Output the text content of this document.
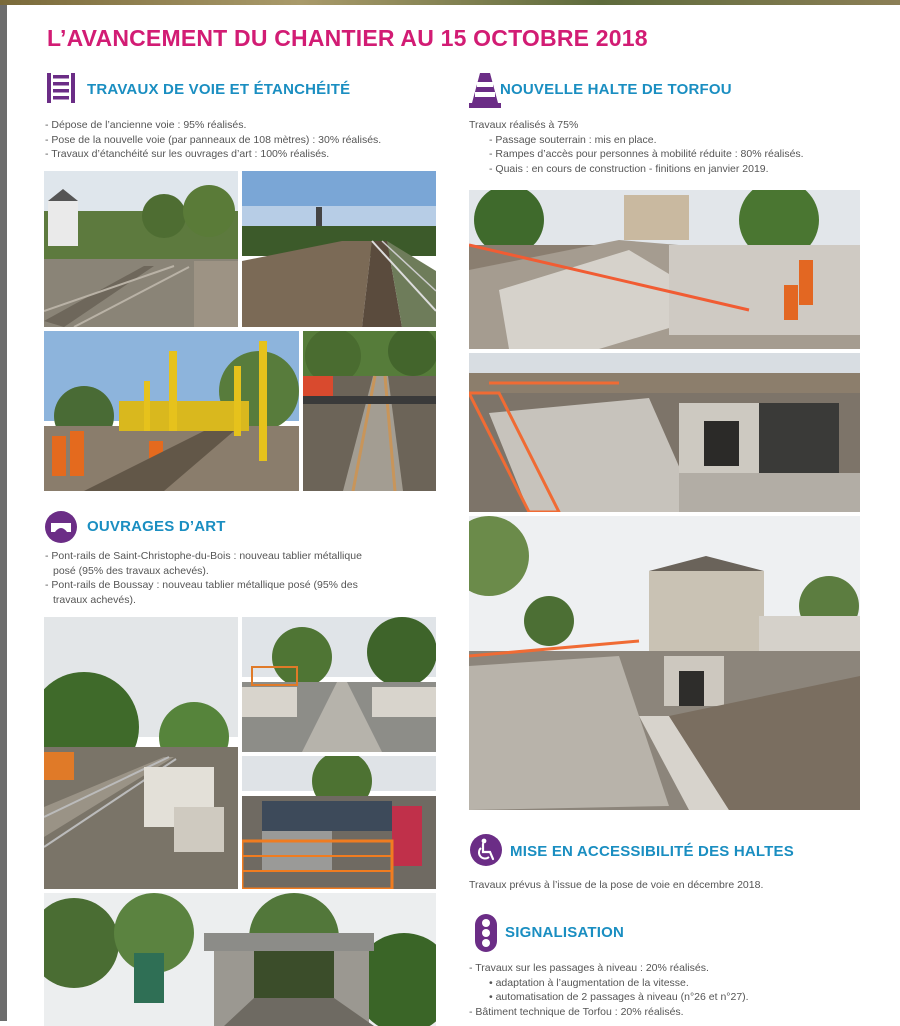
L’AVANCEMENT DU CHANTIER AU 15 OCTOBRE 2018
TRAVAUX DE VOIE ET ÉTANCHÉITÉ
- Dépose de l’ancienne voie : 95% réalisés.
- Pose de la nouvelle voie (par panneaux de 108 mètres) : 30% réalisés.
- Travaux d’étanchéité sur les ouvrages d’art : 100% réalisés.
OUVRAGES D’ART
- Pont-rails de Saint-Christophe-du-Bois : nouveau tablier métallique
posé (95% des travaux achevés).
- Pont-rails de Boussay : nouveau tablier métallique posé (95% des
travaux achevés).
NOUVELLE HALTE DE TORFOU
Travaux réalisés à 75%
- Passage souterrain : mis en place.
- Rampes d’accès pour personnes à mobilité réduite : 80% réalisés.
- Quais : en cours de construction - finitions en janvier 2019.
MISE EN ACCESSIBILITÉ DES HALTES
Travaux prévus à l’issue de la pose de voie en décembre 2018.
SIGNALISATION
- Travaux sur les passages à niveau : 20% réalisés.
• adaptation à l’augmentation de la vitesse.
• automatisation de 2 passages à niveau (n°26 et n°27).
- Bâtiment technique de Torfou : 20% réalisés.
